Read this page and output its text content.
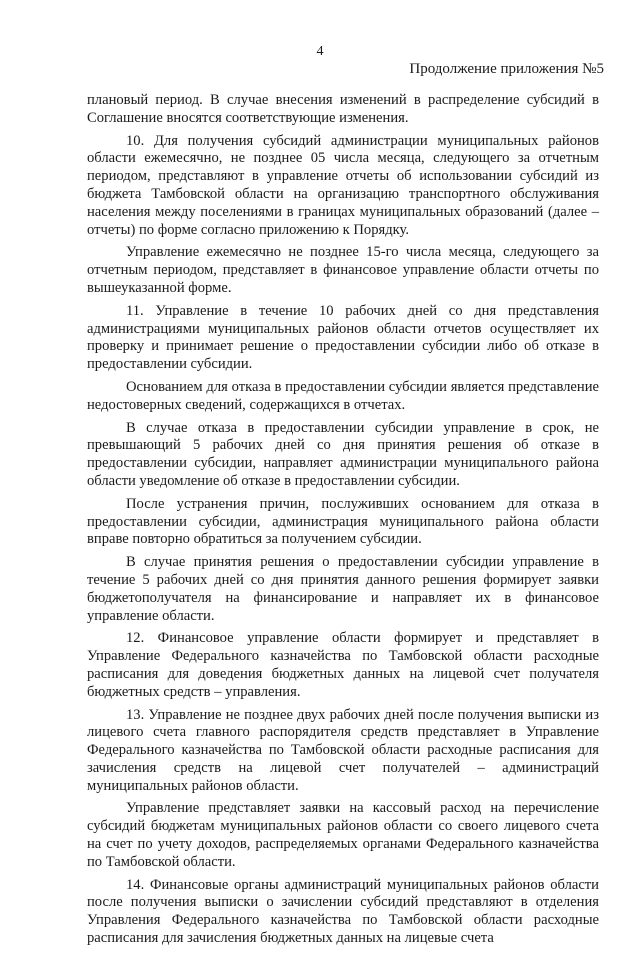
4
Продолжение приложения №5

плановый период. В случае внесения изменений в распределение субсидий в Соглашение вносятся соответствующие изменения.

10. Для получения субсидий администрации муниципальных районов области ежемесячно, не позднее 05 числа месяца, следующего за отчетным периодом, представляют в управление отчеты об использовании субсидий из бюджета Тамбовской области на организацию транспортного обслуживания населения между поселениями в границах муниципальных образований (далее – отчеты) по форме согласно приложению к Порядку.

Управление ежемесячно не позднее 15-го числа месяца, следующего за отчетным периодом, представляет в финансовое управление области отчеты по вышеуказанной форме.

11. Управление в течение 10 рабочих дней со дня представления администрациями муниципальных районов области отчетов осуществляет их проверку и принимает решение о предоставлении субсидии либо об отказе в предоставлении субсидии.

Основанием для отказа в предоставлении субсидии является представление недостоверных сведений, содержащихся в отчетах.

В случае отказа в предоставлении субсидии управление в срок, не превышающий 5 рабочих дней со дня принятия решения об отказе в предоставлении субсидии, направляет администрации муниципального района области уведомление об отказе в предоставлении субсидии.

После устранения причин, послуживших основанием для отказа в предоставлении субсидии, администрация муниципального района области вправе повторно обратиться за получением субсидии.

В случае принятия решения о предоставлении субсидии управление в течение 5 рабочих дней со дня принятия данного решения формирует заявки бюджетополучателя на финансирование и направляет их в финансовое управление области.

12. Финансовое управление области формирует и представляет в Управление Федерального казначейства по Тамбовской области расходные расписания для доведения бюджетных данных на лицевой счет получателя бюджетных средств – управления.

13. Управление не позднее двух рабочих дней после получения выписки из лицевого счета главного распорядителя средств представляет в Управление Федерального казначейства по Тамбовской области расходные расписания для зачисления средств на лицевой счет получателей – администраций муниципальных районов области.

Управление представляет заявки на кассовый расход на перечисление субсидий бюджетам муниципальных районов области со своего лицевого счета на счет по учету доходов, распределяемых органами Федерального казначейства по Тамбовской области.

14. Финансовые органы администраций муниципальных районов области после получения выписки о зачислении субсидий представляют в отделения Управления Федерального казначейства по Тамбовской области расходные расписания для зачисления бюджетных данных на лицевые счета
